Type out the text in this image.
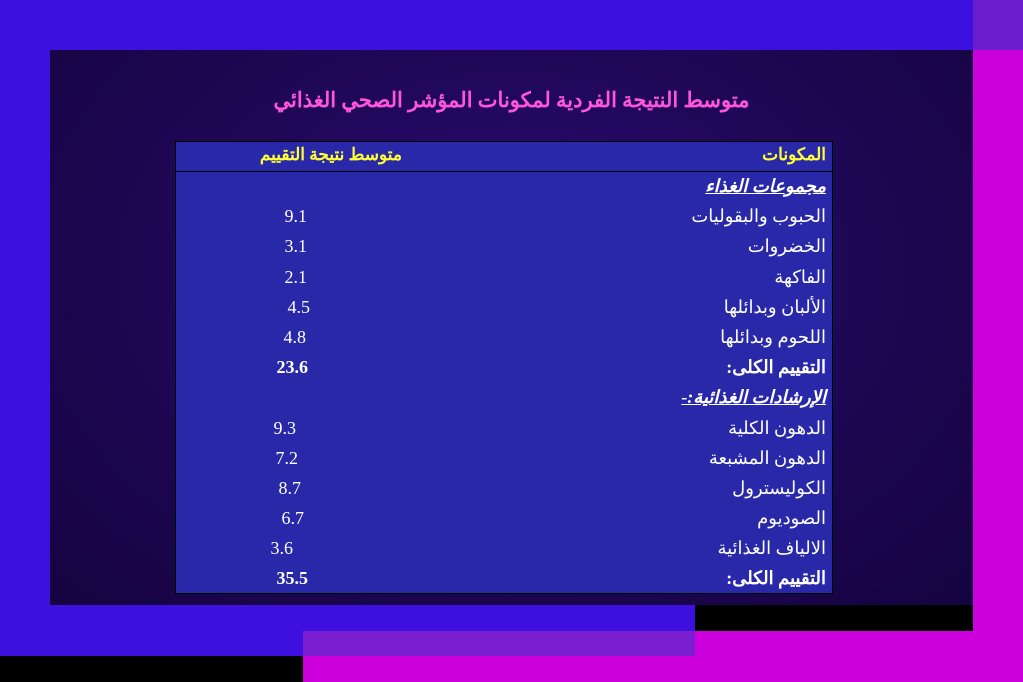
متوسط النتيجة الفردية لمكونات المؤشر الصحي الغذائي
المكونات
متوسط نتيجة التقييم
مجموعات الغذاء
الحبوب والبقوليات
9.1
الخضروات
3.1
الفاكهة
2.1
الألبان وبدائلها
4.5
اللحوم وبدائلها
4.8
التقييم الكلى:
23.6
الإرشادات الغذائية:-
الدهون الكلية
9.3
الدهون المشبعة
7.2
الكوليسترول
8.7
الصوديوم
6.7
الالياف الغذائية
3.6
التقييم الكلى:
35.5
